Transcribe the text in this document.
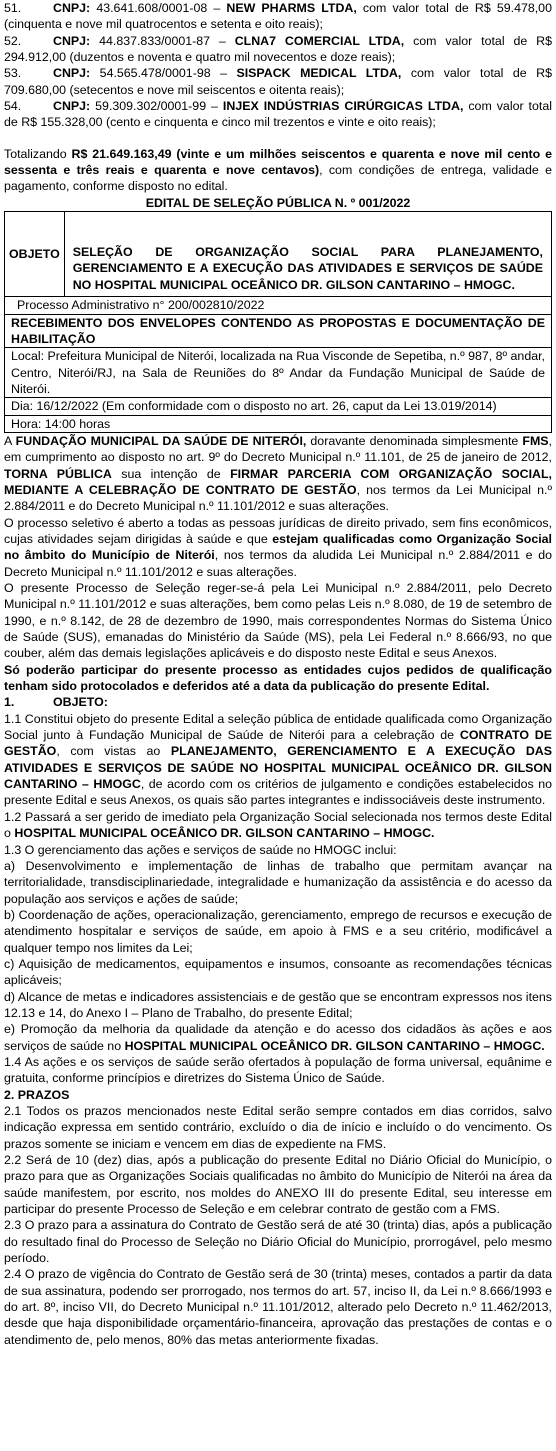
51.	CNPJ: 43.641.608/0001-08 – NEW PHARMS LTDA, com valor total de R$ 59.478,00 (cinquenta e nove mil quatrocentos e setenta e oito reais);

52.	CNPJ: 44.837.833/0001-87 – CLNA7 COMERCIAL LTDA, com valor total de R$ 294.912,00 (duzentos e noventa e quatro mil novecentos e doze reais);

53.	CNPJ: 54.565.478/0001-98 – SISPACK MEDICAL LTDA, com valor total de R$ 709.680,00 (setecentos e nove mil seiscentos e oitenta reais);

54.	CNPJ: 59.309.302/0001-99 – INJEX INDÚSTRIAS CIRÚRGICAS LTDA, com valor total de R$ 155.328,00 (cento e cinquenta e cinco mil trezentos e vinte e oito reais);

Totalizando R$ 21.649.163,49 (vinte e um milhões seiscentos e quarenta e nove mil cento e sessenta e três reais e quarenta e nove centavos), com condições de entrega, validade e pagamento, conforme disposto no edital.

EDITAL DE SELEÇÃO PÚBLICA N. º 001/2022

OBJETO	SELEÇÃO DE ORGANIZAÇÃO SOCIAL PARA PLANEJAMENTO, GERENCIAMENTO E A EXECUÇÃO DAS ATIVIDADES E SERVIÇOS DE SAÚDE NO HOSPITAL MUNICIPAL OCEÂNICO DR. GILSON CANTARINO – HMOGC.
Processo Administrativo n° 200/002810/2022
RECEBIMENTO DOS ENVELOPES CONTENDO AS PROPOSTAS E DOCUMENTAÇÃO DE HABILITAÇÃO
Local: Prefeitura Municipal de Niterói, localizada na Rua Visconde de Sepetiba, n.º 987, 8º andar, Centro, Niterói/RJ, na Sala de Reuniões do 8º Andar da Fundação Municipal de Saúde de Niterói.
Dia: 16/12/2022 (Em conformidade com o disposto no art. 26, caput da Lei 13.019/2014)
Hora: 14:00 horas

A FUNDAÇÃO MUNICIPAL DA SAÚDE DE NITERÓI, doravante denominada simplesmente FMS, em cumprimento ao disposto no art. 9º do Decreto Municipal n.º 11.101, de 25 de janeiro de 2012, TORNA PÚBLICA sua intenção de FIRMAR PARCERIA COM ORGANIZAÇÃO SOCIAL, MEDIANTE A CELEBRAÇÃO DE CONTRATO DE GESTÃO, nos termos da Lei Municipal n.º 2.884/2011 e do Decreto Municipal n.º 11.101/2012 e suas alterações.

O processo seletivo é aberto a todas as pessoas jurídicas de direito privado, sem fins econômicos, cujas atividades sejam dirigidas à saúde e que estejam qualificadas como Organização Social no âmbito do Município de Niterói, nos termos da aludida Lei Municipal n.º 2.884/2011 e do Decreto Municipal n.º 11.101/2012 e suas alterações.

O presente Processo de Seleção reger-se-á pela Lei Municipal n.º 2.884/2011, pelo Decreto Municipal n.º 11.101/2012 e suas alterações, bem como pelas Leis n.º 8.080, de 19 de setembro de 1990, e n.º 8.142, de 28 de dezembro de 1990, mais correspondentes Normas do Sistema Único de Saúde (SUS), emanadas do Ministério da Saúde (MS), pela Lei Federal n.º 8.666/93, no que couber, além das demais legislações aplicáveis e do disposto neste Edital e seus Anexos.

Só poderão participar do presente processo as entidades cujos pedidos de qualificação tenham sido protocolados e deferidos até a data da publicação do presente Edital.

1.	OBJETO:

1.1 Constitui objeto do presente Edital a seleção pública de entidade qualificada como Organização Social junto à Fundação Municipal de Saúde de Niterói para a celebração de CONTRATO DE GESTÃO, com vistas ao PLANEJAMENTO, GERENCIAMENTO E A EXECUÇÃO DAS ATIVIDADES E SERVIÇOS DE SAÚDE NO HOSPITAL MUNICIPAL OCEÂNICO DR. GILSON CANTARINO – HMOGC, de acordo com os critérios de julgamento e condições estabelecidos no presente Edital e seus Anexos, os quais são partes integrantes e indissociáveis deste instrumento.

1.2 Passará a ser gerido de imediato pela Organização Social selecionada nos termos deste Edital o HOSPITAL MUNICIPAL OCEÂNICO DR. GILSON CANTARINO – HMOGC.

1.3 O gerenciamento das ações e serviços de saúde no HMOGC inclui:

a) Desenvolvimento e implementação de linhas de trabalho que permitam avançar na territorialidade, transdisciplinariedade, integralidade e humanização da assistência e do acesso da população aos serviços e ações de saúde;

b) Coordenação de ações, operacionalização, gerenciamento, emprego de recursos e execução de atendimento hospitalar e serviços de saúde, em apoio à FMS e a seu critério, modificável a qualquer tempo nos limites da Lei;

c) Aquisição de medicamentos, equipamentos e insumos, consoante as recomendações técnicas aplicáveis;

d) Alcance de metas e indicadores assistenciais e de gestão que se encontram expressos nos itens 12.13 e 14, do Anexo I – Plano de Trabalho, do presente Edital;

e) Promoção da melhoria da qualidade da atenção e do acesso dos cidadãos às ações e aos serviços de saúde no HOSPITAL MUNICIPAL OCEÂNICO DR. GILSON CANTARINO – HMOGC.

1.4 As ações e os serviços de saúde serão ofertados à população de forma universal, equânime e gratuita, conforme princípios e diretrizes do Sistema Único de Saúde.

2. PRAZOS

2.1 Todos os prazos mencionados neste Edital serão sempre contados em dias corridos, salvo indicação expressa em sentido contrário, excluído o dia de início e incluído o do vencimento. Os prazos somente se iniciam e vencem em dias de expediente na FMS.

2.2 Será de 10 (dez) dias, após a publicação do presente Edital no Diário Oficial do Município, o prazo para que as Organizações Sociais qualificadas no âmbito do Município de Niterói na área da saúde manifestem, por escrito, nos moldes do ANEXO III do presente Edital, seu interesse em participar do presente Processo de Seleção e em celebrar contrato de gestão com a FMS.

2.3 O prazo para a assinatura do Contrato de Gestão será de até 30 (trinta) dias, após a publicação do resultado final do Processo de Seleção no Diário Oficial do Município, prorrogável, pelo mesmo período.

2.4 O prazo de vigência do Contrato de Gestão será de 30 (trinta) meses, contados a partir da data de sua assinatura, podendo ser prorrogado, nos termos do art. 57, inciso II, da Lei n.º 8.666/1993 e do art. 8º, inciso VII, do Decreto Municipal n.º 11.101/2012, alterado pelo Decreto n.º 11.462/2013, desde que haja disponibilidade orçamentário-financeira, aprovação das prestações de contas e o atendimento de, pelo menos, 80% das metas anteriormente fixadas.
